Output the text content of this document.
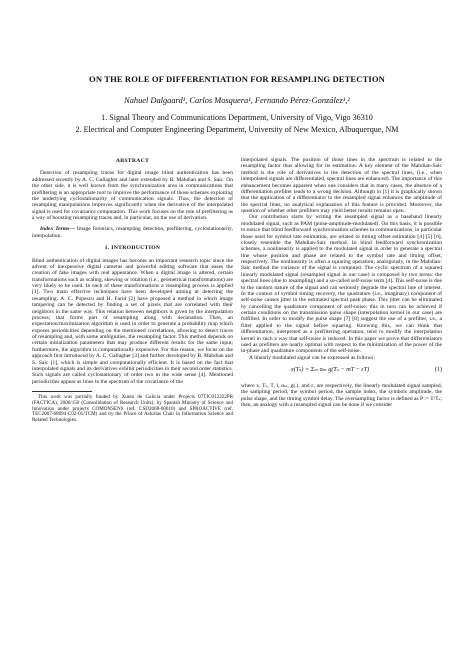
ON THE ROLE OF DIFFERENTIATION FOR RESAMPLING DETECTION
Nahuel Dalgaard¹, Carlos Mosquera¹, Fernando Pérez-González¹,²
1. Signal Theory and Communications Department, University of Vigo, Vigo 36310
2. Electrical and Computer Engineering Department, University of New Mexico, Albuquerque, NM
ABSTRACT

Detection of resampling traces for digital image blind authentication has been addressed recently by A. C. Gallagher and later extended by B. Mahdian and S. Saic. On the other side, it is well known from the synchronization area in communications that prefiltering is an appropriate tool to improve the performance of those schemes exploiting the underlying cyclostationarity of communication signals. Thus, the detection of resampling manipulations improves significantly when the derivative of the interpolated signal is used for covariance computation. This work focuses on the role of prefiltering as a way of boosting resampling traces and, in particular, on the use of derivation.

Index Terms— Image forensics, resampling detection, prefiltering, cyclostationarity, interpolation.

1. INTRODUCTION

Blind authentication of digital images has become an important research topic since the advent of inexpensive digital cameras and powerful editing software that eases the creation of fake images with real appearance. When a digital image is altered, certain transformations such as scaling, skewing or rotation (i.e., geometrical transformations) are very likely to be used. In each of these transformations a resampling process is applied [1]. Two main effective techniques have been developed aiming at detecting the resampling. A. C. Popescu and H. Farid [2] have proposed a method in which image tampering can be detected by finding a set of pixels that are correlated with their neighbors in the same way. This relation between neighbors is given by the interpolation process; that forms part of resampling along with decimation. Then, an expectation/maximization algorithm is used in order to generate a probability map which exposes periodicities depending on the mentioned correlations, allowing to detect traces of resampling and, with some ambiguities, the resampling factor. This method depends on certain initialization parameters that may produce different results for the same input; furthermore, the algorithm is computationally expensive. For this reason, we focus on the approach first introduced by A. C. Gallagher [3] and further developed by B. Mahdian and S. Saic [1], which is simple and computationally efficient. It is based on the fact that interpolated signals and its derivatives exhibit periodicities in their second order statistics. Such signals are called cyclostationary of order two in the wide sense [4]. Mentioned periodicities appear as lines in the spectrum of the covariance of the

This work was partially funded by Xunta de Galicia under Projects 07TIC012322PR (FACTICA), 2006/150 (Consolidation of Research Units), by Spanish Ministry of Science and Innovation under projects COMONSENS (ref. CSD2008-00010) and SPROACTIVE (ref. TEC2007-68094-C02-01/TCM) and by the Prince of Asturias Chair in Information Science and Related Technologies.

interpolated signals. The position of those lines in the spectrum is related to the resampling factor thus allowing for its estimation. A key element of the Mahdian-Saic method is the role of derivatives in the detection of the spectral lines, (i.e., when interpolated signals are differentiated, spectral lines are enhanced). The importance of this enhancement becomes apparent when one considers that in many cases, the absence of a differentiation prefilter leads to a wrong decision. Although in [1] it is graphically shown that the application of a differentiator to the resampled signal enhances the amplitude of the spectral lines, no analytical explanation of this feature is provided. Moreover, the question of whether other prefilters may yield better results remains open.

Our contribution starts by writing the resampled signal as a baseband linearly modulated signal, such as PAM (pulse-amplitude-modulated). On this basis, it is possible to notice that blind feedforward synchronization schemes in communications, in particular those used for symbol rate estimation, are related to timing offset estimation [4] [5] [6], closely resemble the Mahdian-Saic method. In blind feedforward synchronization schemes, a nonlinearity is applied to the modulated signal in order to generate a spectral line whose position and phase are related to the symbol rate and timing offset, respectively. The nonlinearity is often a squaring operation; analogously, in the Mahdian-Saic method the variance of the signal is computed. The cyclic spectrum of a squared linearly modulated signal (resampled signal in our case) is composed by two terms: the spectral lines (due to resampling) and a so-called self-noise term [4]. This self-noise is due to the random nature of the signal and can seriously degrade the spectral line of interest. In the context of symbol timing recovery, the quadrature (i.e., imaginary) component of self-noise causes jitter in the estimated spectral peak phase. This jitter can be eliminated by cancelling the quadrature component of self-noise; this in turn can be achieved if certain conditions on the transmission pulse shape (interpolation kernel in our case) are fulfilled. In order to modify the pulse shape [7] [8] suggest the use of a prefilter, i.e., a filter applied to the signal before squaring. Knowing this, we can think that differentiation, interpreted as a prefiltering operation, tend to modify the interpolation kernel in such a way that self-noise is reduced. In this paper we prove that differentiators used as prefilters are nearly optimal with respect to the minimization of the power of the in-phase and quadrature components of the self-noise.

A linearly modulated signal can be expressed as follows:

x(Tₛ) = Σₘ αₘ g(Tₛ − mT − εT)	(1)

where x, Tₛ, T, l, αₘ, g(.), and ε, are respectively, the linearly modulated signal sampled, the sampling period, the symbol period, the sample index, the symbols amplitude, the pulse shape, and the timing symbol delay. The oversampling factor is defined as P := T/Tₛ; then, an analogy with a resampled signal can be done if we consider
